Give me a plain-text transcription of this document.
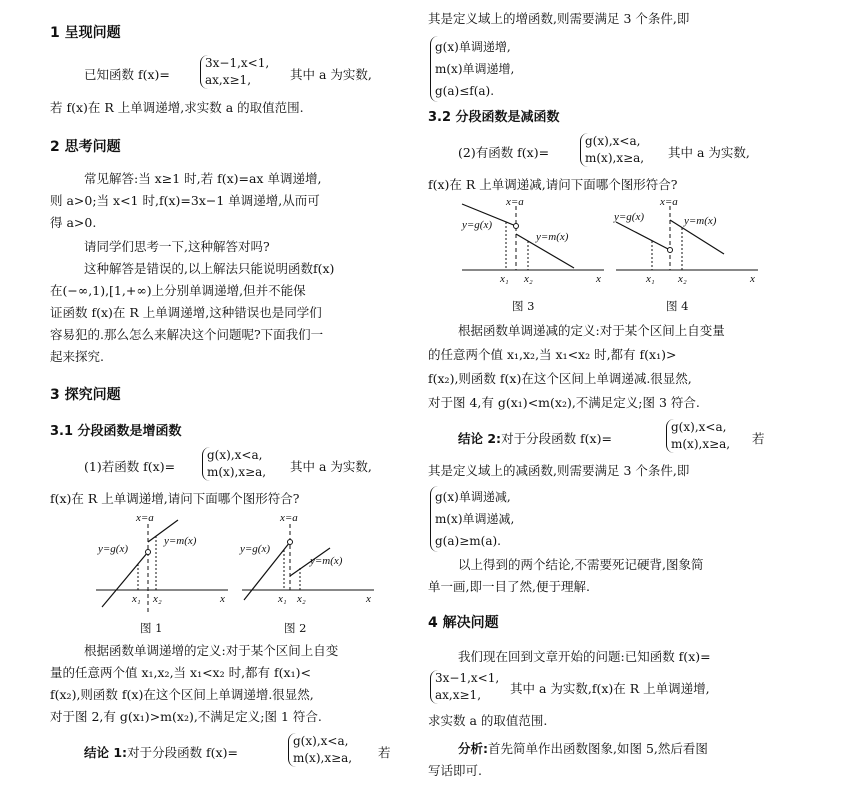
1 呈现问题
已知函数 f(x)=
3x−1,x<1,
ax,x≥1,	其中 a 为实数,
若 f(x)在 R 上单调递增,求实数 a 的取值范围.
2 思考问题
常见解答:当 x≥1 时,若 f(x)=ax 单调递增,
则 a>0;当 x<1 时,f(x)=3x−1 单调递增,从而可
得 a>0.
请同学们思考一下,这种解答对吗?
这种解答是错误的,以上解法只能说明函数f(x)
在(−∞,1),[1,+∞)上分别单调递增,但并不能保
证函数 f(x)在 R 上单调递增,这种错误也是同学们
容易犯的.那么怎么来解决这个问题呢?下面我们一
起来探究.
3 探究问题
3.1 分段函数是增函数
(1)若函数 f(x)=
g(x),x<a,
m(x),x≥a, 其中 a 为实数,
f(x)在 R 上单调递增,请问下面哪个图形符合?
x=a
y=g(x)
y=m(x)
x₁ x₂	x
图 1
x=a
y=g(x)
y=m(x)
x₁ x₂	x
图 2
根据函数单调递增的定义:对于某个区间上自变
量的任意两个值 x₁,x₂,当 x₁<x₂ 时,都有 f(x₁)<
f(x₂),则函数 f(x)在这个区间上单调递增.很显然,
对于图 2,有 g(x₁)>m(x₂),不满足定义;图 1 符合.
结论 1:对于分段函数 f(x)=
g(x),x<a,
m(x),x≥a, 若
其是定义域上的增函数,则需要满足 3 个条件,即
g(x)单调递增,
m(x)单调递增,
g(a)≤f(a).
3.2 分段函数是减函数
(2)有函数 f(x)=
g(x),x<a,
m(x),x≥a, 其中 a 为实数,
f(x)在 R 上单调递减,请问下面哪个图形符合?
x=a
y=g(x)
y=m(x)
x₁ x₂	x
图 3
x=a
y=g(x)	y=m(x)
x₁ x₂	x
图 4
根据函数单调递减的定义:对于某个区间上自变量
的任意两个值 x₁,x₂,当 x₁<x₂ 时,都有 f(x₁)>
f(x₂),则函数 f(x)在这个区间上单调递减.很显然,
对于图 4,有 g(x₁)<m(x₂),不满足定义;图 3 符合.
结论 2:对于分段函数 f(x)=
g(x),x<a,
m(x),x≥a, 若
其是定义域上的减函数,则需要满足 3 个条件,即
g(x)单调递减,
m(x)单调递减,
g(a)≥m(a).
以上得到的两个结论,不需要死记硬背,图象简
单一画,即一目了然,便于理解.
4 解决问题
我们现在回到文章开始的问题:已知函数 f(x)=
3x−1,x<1,
ax,x≥1,	其中 a 为实数,f(x)在 R 上单调递增,
求实数 a 的取值范围.
分析:首先简单作出函数图象,如图 5,然后看图
写话即可.
